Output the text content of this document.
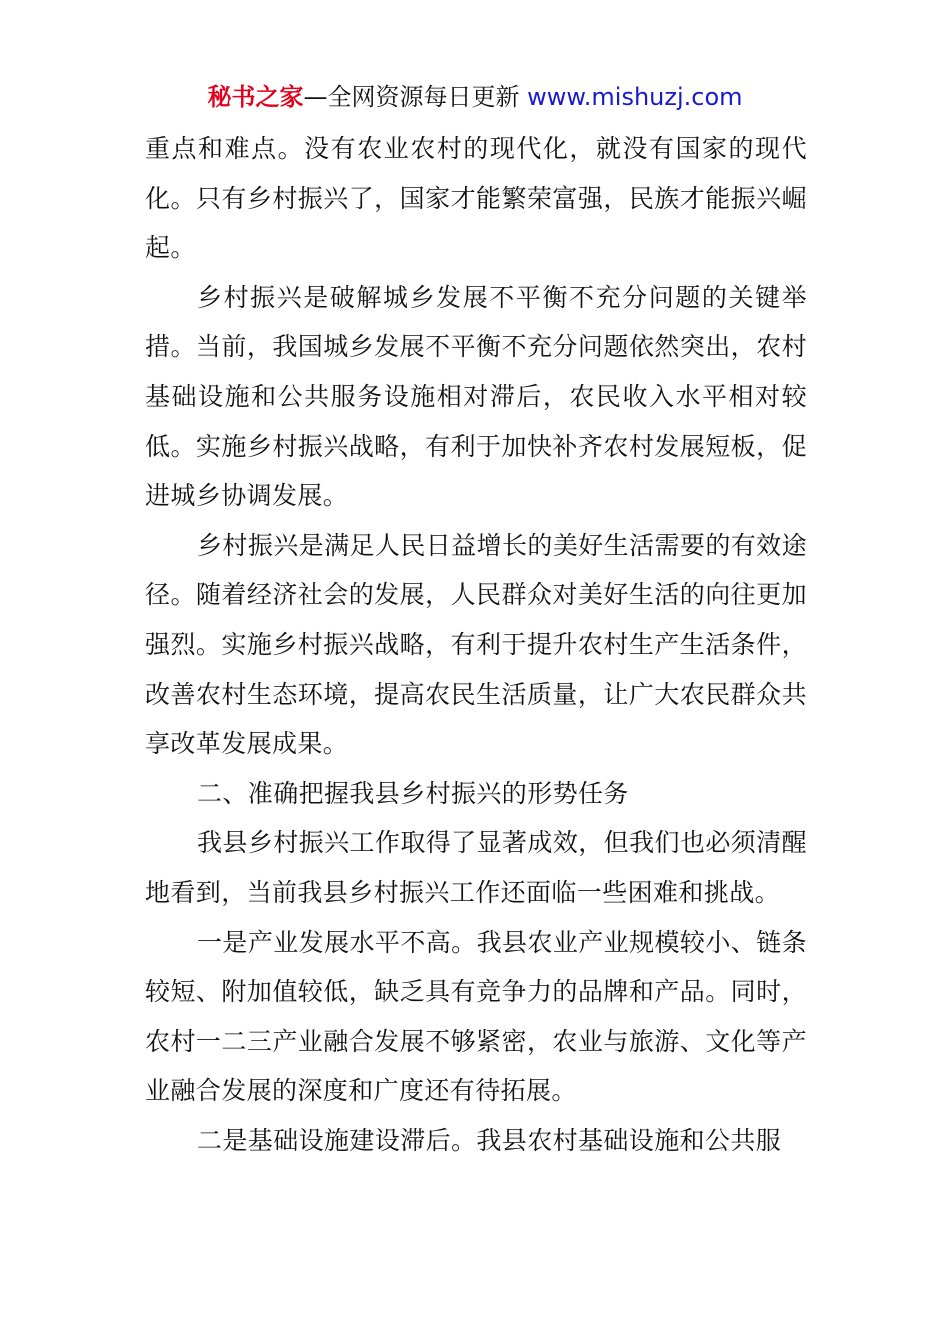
秘书之家—全网资源每日更新 www.mishuzj.com

重点和难点。没有农业农村的现代化，就没有国家的现代化。只有乡村振兴了，国家才能繁荣富强，民族才能振兴崛起。

乡村振兴是破解城乡发展不平衡不充分问题的关键举措。当前，我国城乡发展不平衡不充分问题依然突出，农村基础设施和公共服务设施相对滞后，农民收入水平相对较低。实施乡村振兴战略，有利于加快补齐农村发展短板，促进城乡协调发展。

乡村振兴是满足人民日益增长的美好生活需要的有效途径。随着经济社会的发展，人民群众对美好生活的向往更加强烈。实施乡村振兴战略，有利于提升农村生产生活条件，改善农村生态环境，提高农民生活质量，让广大农民群众共享改革发展成果。

二、准确把握我县乡村振兴的形势任务

我县乡村振兴工作取得了显著成效，但我们也必须清醒地看到，当前我县乡村振兴工作还面临一些困难和挑战。

一是产业发展水平不高。我县农业产业规模较小、链条较短、附加值较低，缺乏具有竞争力的品牌和产品。同时，农村一二三产业融合发展不够紧密，农业与旅游、文化等产业融合发展的深度和广度还有待拓展。

二是基础设施建设滞后。我县农村基础设施和公共服
